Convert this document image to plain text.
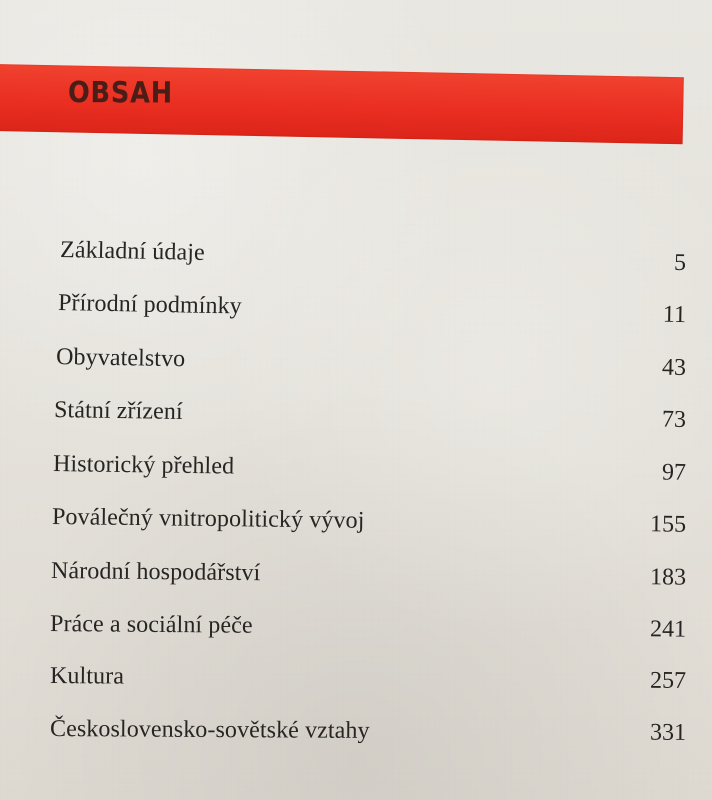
OBSAH
Základní údaje	5
Přírodní podmínky	11
Obyvatelstvo	43
Státní zřízení	73
Historický přehled	97
Poválečný vnitropolitický vývoj	155
Národní hospodářství	183
Práce a sociální péče	241
Kultura	257
Československo-sovětské vztahy	331
